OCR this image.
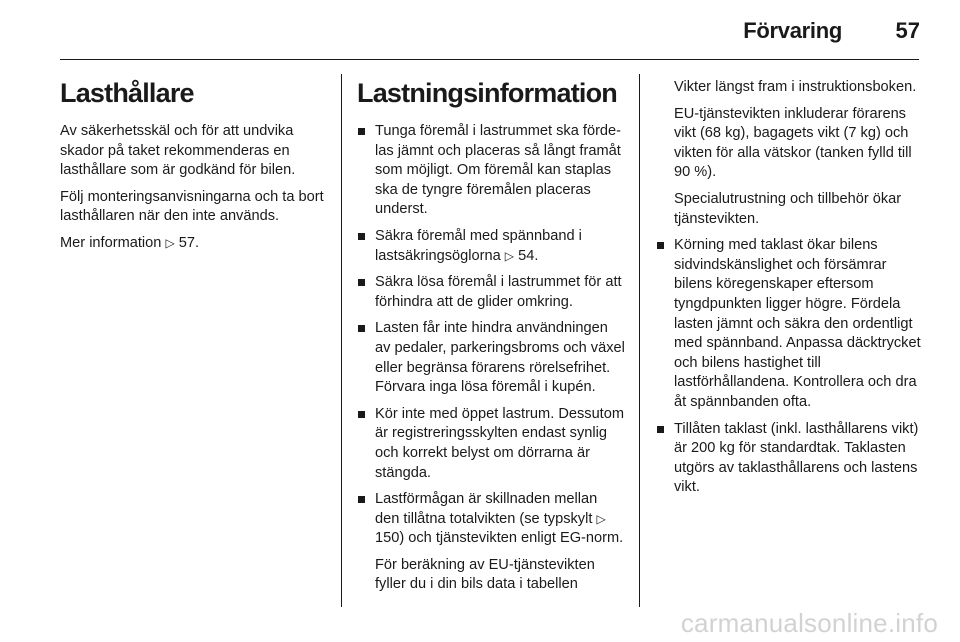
Förvaring 57
Lasthållare

Av säkerhetsskäl och för att undvika skador på taket rekommenderas en lasthållare som är godkänd för bilen.

Följ monteringsanvisningarna och ta bort lasthållaren när den inte används.

Mer information ▷ 57.

Lastningsinformation
Tunga föremål i lastrummet ska fördelas jämnt och placeras så långt framåt som möjligt. Om föremål kan staplas ska de tyngre föremålen placeras underst.
Säkra föremål med spännband i lastsäkringsöglorna ▷ 54.
Säkra lösa föremål i lastrummet för att förhindra att de glider omkring.
Lasten får inte hindra användningen av pedaler, parkeringsbroms och växel eller begränsa förarens rörelsefrihet. Förvara inga lösa föremål i kupén.
Kör inte med öppet lastrum. Dessutom är registreringsskylten endast synlig och korrekt belyst om dörrarna är stängda.
Lastförmågan är skillnaden mellan den tillåtna totalvikten (se typskylt ▷ 150) och tjänstevikten enligt EG-norm.

För beräkning av EU-tjänstevikten fyller du i din bils data i tabellen

Vikter längst fram i instruktionsboken.

EU-tjänstevikten inkluderar förarens vikt (68 kg), bagagets vikt (7 kg) och vikten för alla vätskor (tanken fylld till 90 %).

Specialutrustning och tillbehör ökar tjänstevikten.

Körning med taklast ökar bilens sidvindskänslighet och försämrar bilens köregenskaper eftersom tyngdpunkten ligger högre. Fördela lasten jämnt och säkra den ordentligt med spännband. Anpassa däcktrycket och bilens hastighet till lastförhållandena. Kontrollera och dra åt spännbanden ofta.
Tillåten taklast (inkl. lasthållarens vikt) är 200 kg för standardtak. Taklasten utgörs av taklasthållarens och lastens vikt.
carmanualsonline.info
